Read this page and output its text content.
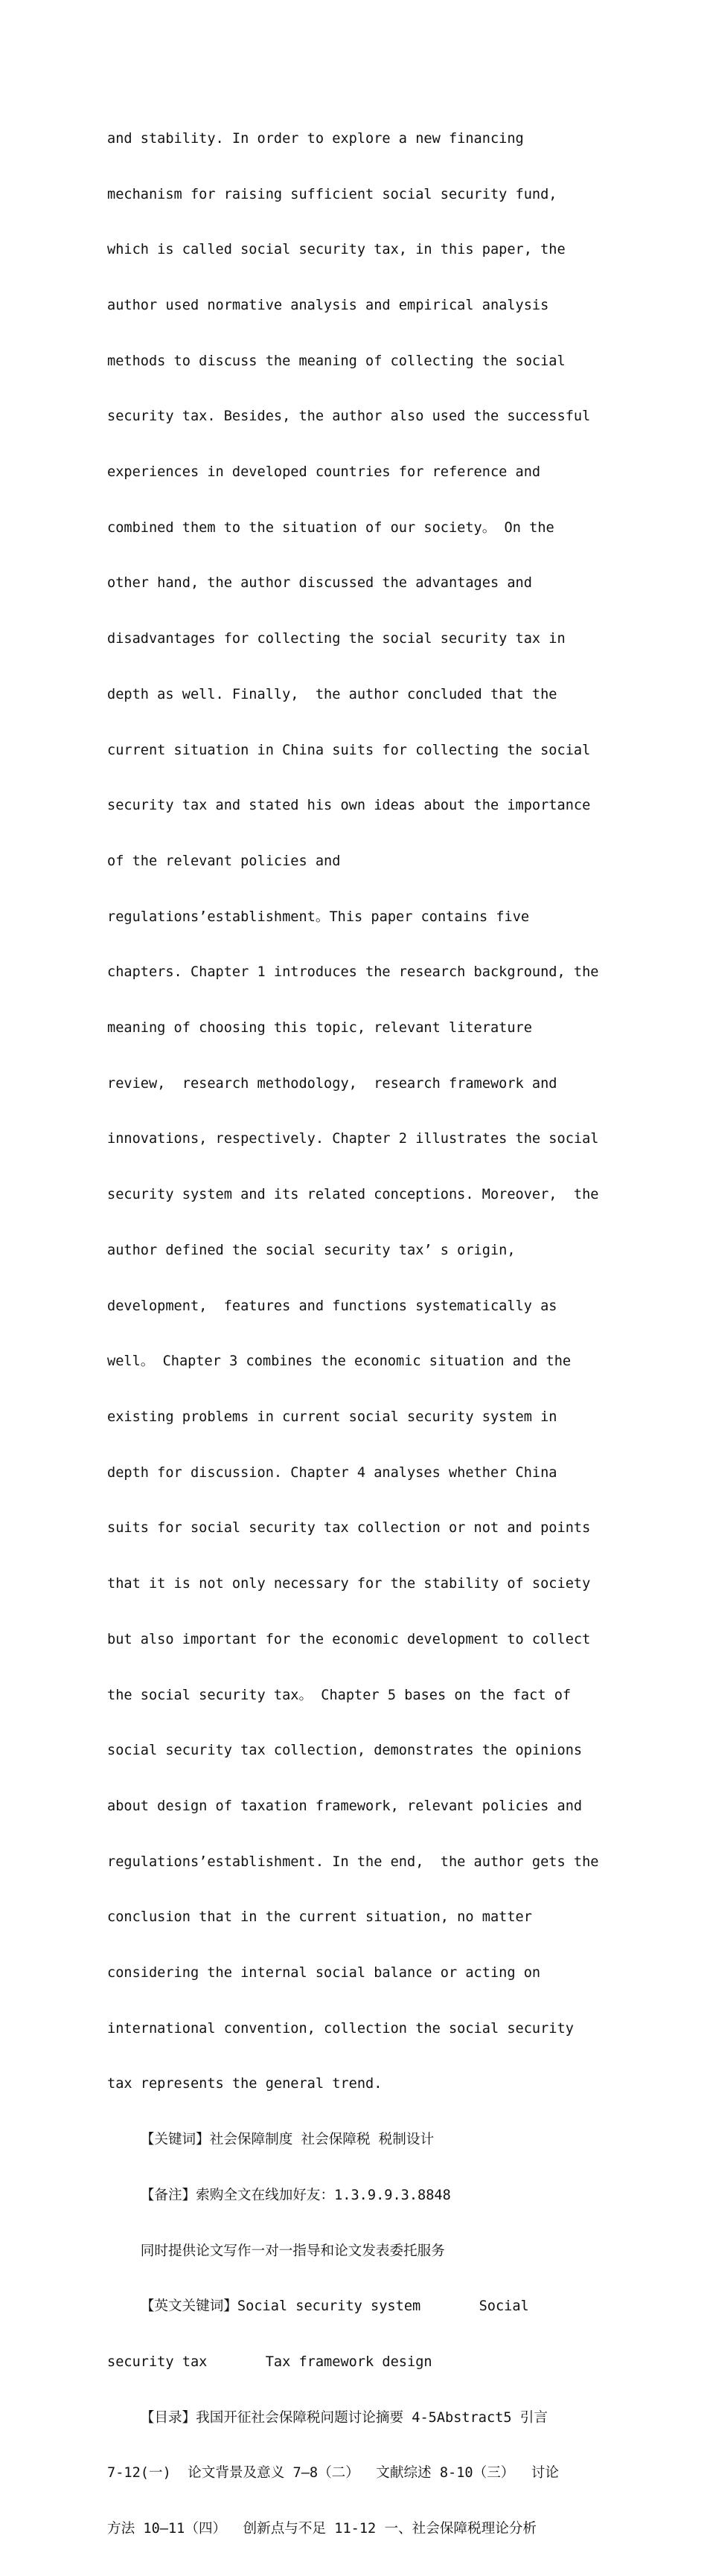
and stability. In order to explore a new financing

mechanism for raising sufficient social security fund,

which is called social security tax, in this paper, the

author used normative analysis and empirical analysis

methods to discuss the meaning of collecting the social

security tax. Besides, the author also used the successful

experiences in developed countries for reference and

combined them to the situation of our society。 On the

other hand, the author discussed the advantages and

disadvantages for collecting the social security tax in

depth as well. Finally,  the author concluded that the

current situation in China suits for collecting the social

security tax and stated his own ideas about the importance

of the relevant policies and

regulations’establishment。This paper contains five

chapters. Chapter 1 introduces the research background, the

meaning of choosing this topic, relevant literature

review,  research methodology,  research framework and

innovations, respectively. Chapter 2 illustrates the social

security system and its related conceptions. Moreover,  the

author defined the social security tax’ s origin,

development,  features and functions systematically as

well。 Chapter 3 combines the economic situation and the

existing problems in current social security system in

depth for discussion. Chapter 4 analyses whether China

suits for social security tax collection or not and points

that it is not only necessary for the stability of society

but also important for the economic development to collect

the social security tax。 Chapter 5 bases on the fact of

social security tax collection, demonstrates the opinions

about design of taxation framework, relevant policies and

regulations’establishment. In the end,  the author gets the

conclusion that in the current situation, no matter

considering the internal social balance or acting on

international convention, collection the social security

tax represents the general trend.

【关键词】社会保障制度 社会保障税 税制设计

【备注】索购全文在线加好友：1.3.9.9.3.8848

同时提供论文写作一对一指导和论文发表委托服务

【英文关键词】Social security system       Social

security tax       Tax framework design

【目录】我国开征社会保障税问题讨论摘要 4-5Abstract5 引言

7-12(一)  论文背景及意义 7—8（二）  文献综述 8-10（三）  讨论

方法 10—11（四）  创新点与不足 11-12 一、社会保障税理论分析
